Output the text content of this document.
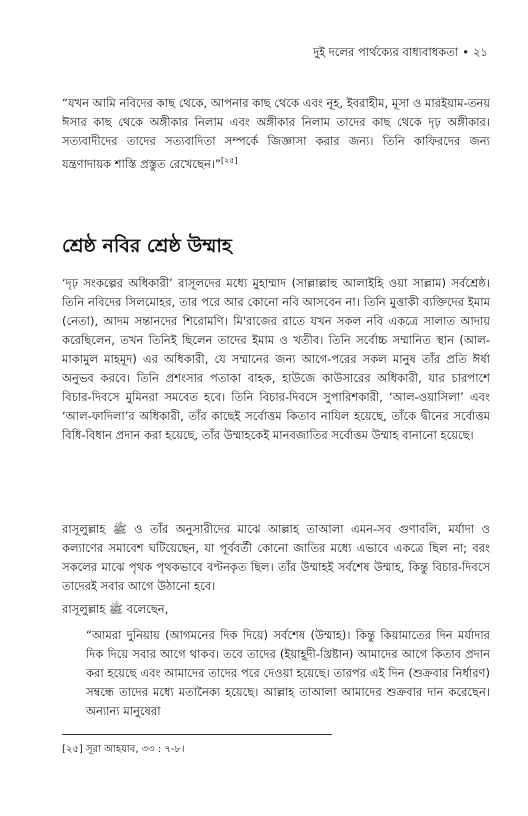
দুই দলের পার্থক্যের বাধ্যবাধকতা • ২১
“যখন আমি নবিদের কাছ থেকে, আপনার কাছ থেকে এবং নূহ, ইবরাহীম, মূসা ও মারইয়াম-তনয় ঈসার কাছ থেকে অঙ্গীকার নিলাম এবং অঙ্গীকার নিলাম তাদের কাছ থেকে দৃঢ় অঙ্গীকার। সত্যবাদীদের তাদের সত্যবাদিতা সম্পর্কে জিজ্ঞাসা করার জন্য। তিনি কাফিরদের জন্য যন্ত্রণাদায়ক শাস্তি প্রস্তুত রেখেছেন।”[২৫]
শ্রেষ্ঠ নবির শ্রেষ্ঠ উম্মাহ
‘দৃঢ় সংকল্পের অধিকারী’ রাসূলদের মধ্যে মুহাম্মাদ (সাল্লাল্লাহু আলাইহি ওয়া সাল্লাম) সর্বশ্রেষ্ঠ। তিনি নবিদের সিলমোহর, তার পরে আর কোনো নবি আসবেন না। তিনি মুত্তাকী ব্যক্তিদের ইমাম (নেতা), আদম সন্তানদের শিরোমণি। মি'রাজের রাতে যখন সকল নবি একত্রে সালাত আদায় করেছিলেন, তখন তিনিই ছিলেন তাদের ইমাম ও খতীব। তিনি সর্বোচ্চ সম্মানিত স্থান (আল-মাকামুল মাহমূদ) এর অধিকারী, যে সম্মানের জন্য আগে-পরের সকল মানুষ তাঁর প্রতি ঈর্ষা অনুভব করবে। তিনি প্রশংসার পতাকা বাহক, হাউজে কাউসারের অধিকারী, যার চারপাশে বিচার-দিবসে মুমিনরা সমবেত হবে। তিনি বিচার-দিবসে সুপারিশকারী, ‘আল-ওয়াসিলা’ এবং ‘আল-ফাদিলা’র অধিকারী, তাঁর কাছেই সর্বোত্তম কিতাব নাযিল হয়েছে, তাঁকে দ্বীনের সর্বোত্তম বিধি-বিধান প্রদান করা হয়েছে, তাঁর উম্মাহকেই মানবজাতির সর্বোত্তম উম্মাহ বানানো হয়েছে।
রাসূলুল্লাহ ﷺ ও তাঁর অনুসারীদের মাঝে আল্লাহ তাআলা এমন-সব গুণাবলি, মর্যাদা ও কল্যাণের সমাবেশ ঘটিয়েছেন, যা পূর্ববর্তী কোনো জাতির মধ্যে এভাবে একত্রে ছিল না; বরং সকলের মাঝে পৃথক পৃথকভাবে বণ্টনকৃত ছিল। তাঁর উম্মাহই সর্বশেষ উম্মাহ, কিন্তু বিচার-দিবসে তাদেরই সবার আগে উঠানো হবে।
রাসূলুল্লাহ ﷺ বলেছেন,
“আমরা দুনিয়ায় (আগমনের দিক দিয়ে) সর্বশেষ (উম্মাহ)। কিন্তু কিয়ামাতের দিন মর্যাদার দিক দিয়ে সবার আগে থাকব। তবে তাদের (ইয়াহূদী-খ্রিষ্টান) আমাদের আগে কিতাব প্রদান করা হয়েছে এবং আমাদের তাদের পরে দেওয়া হয়েছে। তারপর এই দিন (শুক্রবার নির্ধারণ) সম্বন্ধে তাদের মধ্যে মতানৈক্য হয়েছে। আল্লাহ তাআলা আমাদের শুক্রবার দান করেছেন। অন্যান্য মানুষেরা
[২৫] সূরা আহযাব, ৩৩ : ৭-৮।
